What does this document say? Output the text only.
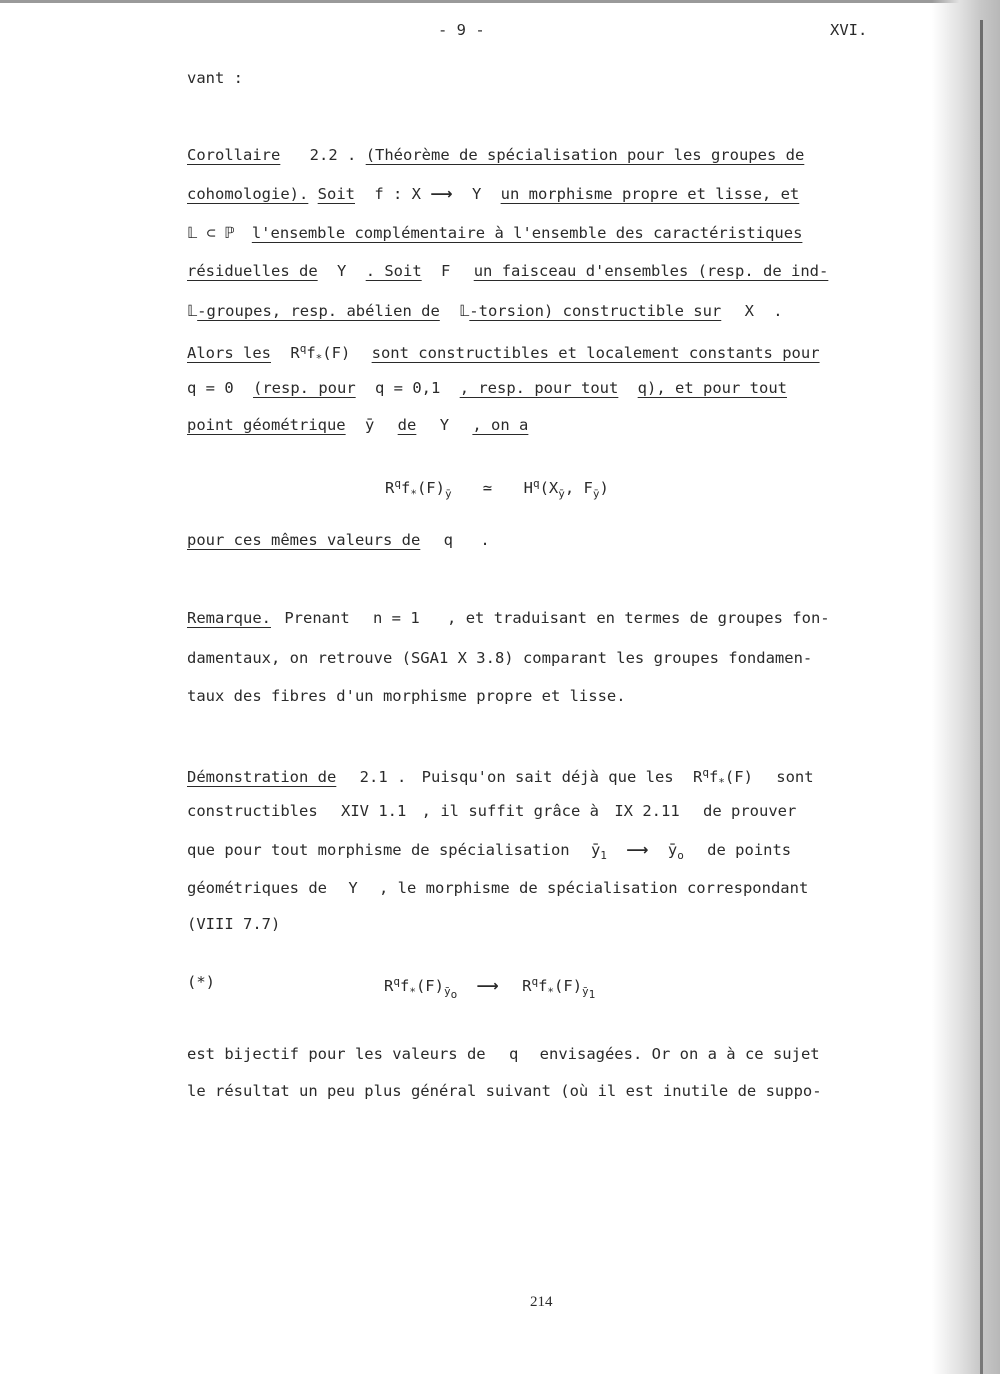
- 9 -	XVI.
vant :
Corollaire 2.2 . (Théorème de spécialisation pour les groupes de
cohomologie). Soit f : X ⟶ Y un morphisme propre et lisse, et
𝕃 ⊂ ℙ l'ensemble complémentaire à l'ensemble des caractéristiques
résiduelles de Y . Soit F un faisceau d'ensembles (resp. de ind-
𝕃-groupes, resp. abélien de 𝕃-torsion) constructible sur X .
Alors les $R^qf_*(F)$ sont constructibles et localement constants pour
q = 0 (resp. pour q = 0,1 , resp. pour tout q), et pour tout
point géométrique ȳ de Y , on a
$R^qf_*(F)_ȳ$ ≃ $H^q(X_ȳ$, $F_ȳ$)
pour ces mêmes valeurs de q .
Remarque. Prenant n = 1 , et traduisant en termes de groupes fon-
damentaux, on retrouve (SGA1 X 3.8) comparant les groupes fondamen-
taux des fibres d'un morphisme propre et lisse.
Démonstration de 2.1 . Puisqu'on sait déjà que les $R^qf_*(F)$ sont
constructibles XIV 1.1 , il suffit grâce à IX 2.11 de prouver
que pour tout morphisme de spécialisation $ȳ_1$ ⟶ $ȳ_o$ de points
géométriques de Y , le morphisme de spécialisation correspondant
(VIII 7.7)
(*)	$R^qf_*(F)_{ȳ_o}$ ⟶ $R^qf_*(F)_{ȳ_1}$
est bijectif pour les valeurs de q envisagées. Or on a à ce sujet
le résultat un peu plus général suivant (où il est inutile de suppo-
214
